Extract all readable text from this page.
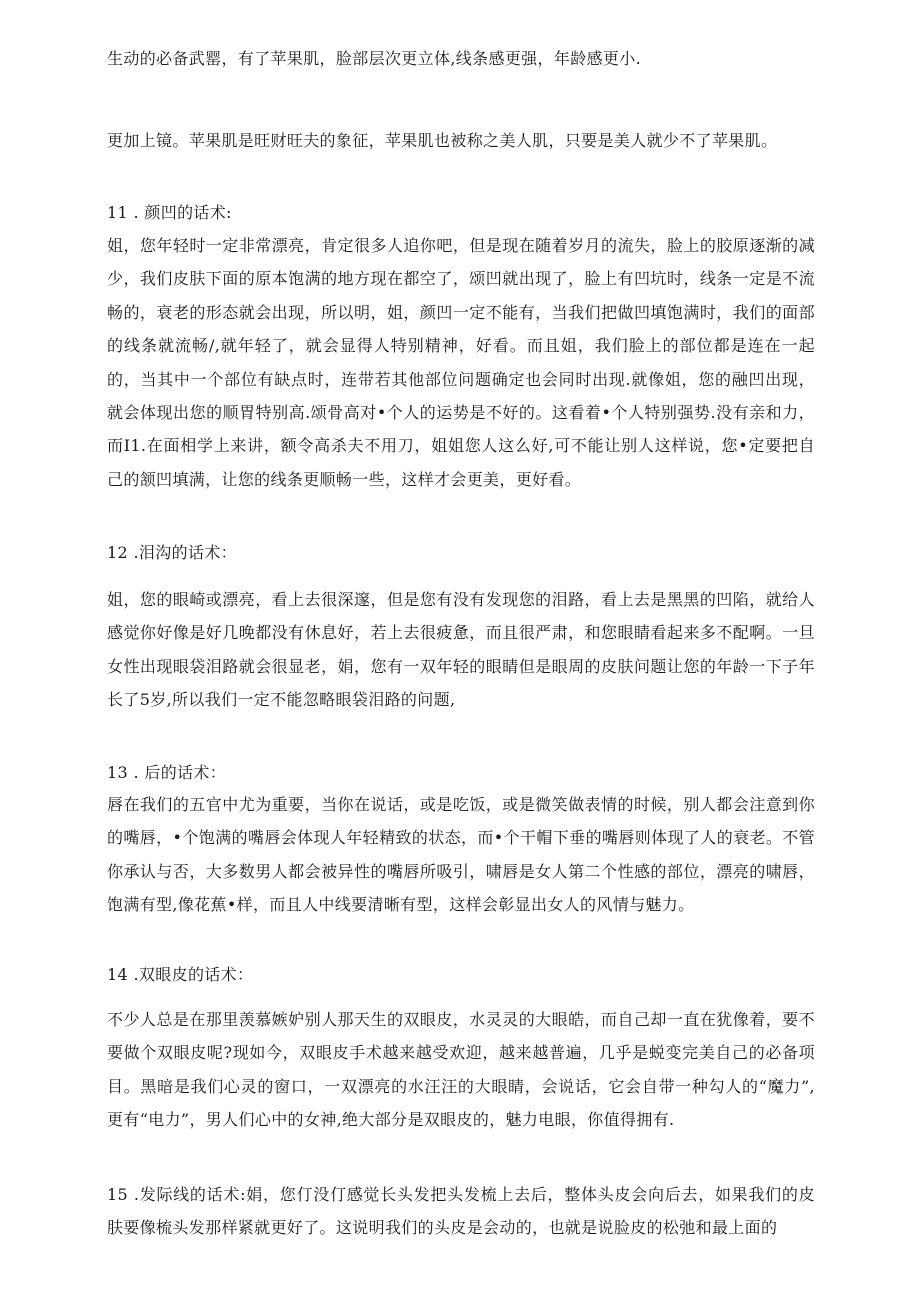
生动的必备武罂，有了苹果肌，脸部层次更立体,线条感更强，年龄感更小.

更加上镜。苹果肌是旺财旺夫的象征，苹果肌也被称之美人肌，只要是美人就少不了苹果肌。

11 . 颜凹的话术:

姐，您年轻时一定非常漂亮，肯定很多人追你吧，但是现在随着岁月的流失，脸上的胶原逐渐的减少，我们皮肤下面的原本饱满的地方现在都空了，颂凹就出现了，脸上有凹坑时，线条一定是不流畅的，衰老的形态就会出现，所以明，姐，颜凹一定不能有，当我们把做凹填饱满时，我们的面部的线条就流畅/,就年轻了，就会显得人特别精神，好看。而且姐，我们脸上的部位都是连在一起的，当其中一个部位有缺点时，连带若其他部位问题确定也会同时出现.就像姐，您的融凹出现，就会体现出您的顺胃特别高.颂骨高对•个人的运势是不好的。这看着•个人特别强势.没有亲和力，而I1.在面相学上来讲，额令高杀夫不用刀，姐姐您人这么好,可不能让别人这样说，您•定要把自己的颔凹填满，让您的线条更顺畅一些，这样才会更美，更好看。

12 .泪沟的话术：

姐，您的眼崎或漂亮，看上去很深邃，但是您有没有发现您的泪路，看上去是黑黑的凹陷，就给人感觉你好像是好几晚都没有休息好，若上去很疲惫，而且很严肃，和您眼睛看起来多不配啊。一旦女性出现眼袋泪路就会很显老，娟，您有一双年轻的眼睛但是眼周的皮肤问题让您的年龄一下子年长了5岁,所以我们一定不能忽略眼袋泪路的问题,

13 . 后的话术：

唇在我们的五官中尤为重要，当你在说话，或是吃饭，或是微笑做表情的时候，别人都会注意到你的嘴唇，•个饱满的嘴唇会体现人年轻精致的状态，而•个干帽下垂的嘴唇则体现了人的衰老。不管你承认与否，大多数男人都会被异性的嘴唇所吸引，啸唇是女人第二个性感的部位，漂亮的啸唇，饱满有型,像花蕉•样，而且人中线要清晰有型，这样会彰显出女人的风情与魅力。

14 .双眼皮的话术：

不少人总是在那里羡慕嫉妒别人那天生的双眼皮，水灵灵的大眼皓，而自己却一直在犹像着，要不要做个双眼皮呢?现如今，双眼皮手术越来越受欢迎，越来越普遍，几乎是蜕变完美自己的必备项目。黑暗是我们心灵的窗口，一双漂亮的水汪汪的大眼睛，会说话，它会自带一种勾人的“魔力”,更有“电力”，男人们心中的女神,绝大部分是双眼皮的，魅力电眼，你值得拥有.

15 .发际线的话术:娟，您仃没仃感觉长头发把头发梳上去后，整体头皮会向后去，如果我们的皮肤要像梳头发那样紧就更好了。这说明我们的头皮是会动的，也就是说脸皮的松弛和最上面的
